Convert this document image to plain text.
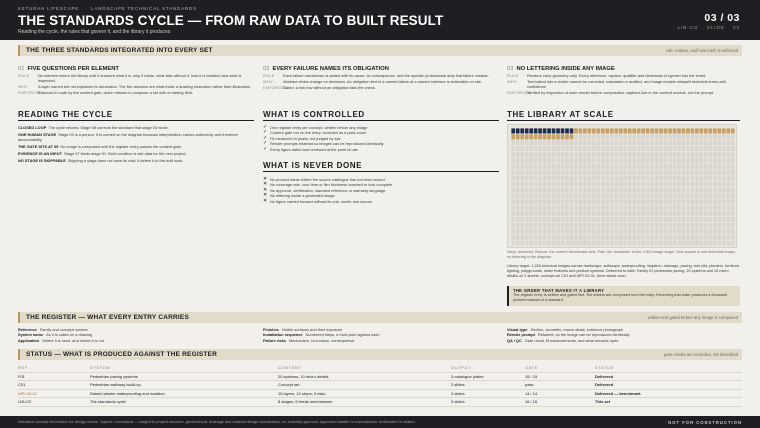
KETURAH LIFESCAPE	LANDSCAPE TECHNICAL STANDARDS
THE STANDARDS CYCLE — FROM RAW DATA TO BUILT RESULT
Reading the cycle, the rules that govern it, and the library it produces
03 / 03
LIB-CG SLIDE 03
THE THREE STANDARDS INTEGRATED INTO EVERY SET	rule, reason, and how each is enforced
01 FIVE QUESTIONS PER ELEMENT
RULE	No element enters the library until it answers what it is, why it exists, what fails without it, how it is installed and what is inspected.
WHY	A layer named but not explained is decoration. The five answers are what make a drawing instruction rather than illustration.
ENFORCED
Enforced in code by the content gate, which refuses to compose a set with a missing field.
02 EVERY FAILURE NAMES ITS OBLIGATION
RULE	Each failure mechanism is stated with its cause, its consequence, and the specific professional duty that failure creates.
WHY	Abstract ethics change no decisions. An obligation tied to a named failure at a named interface is actionable on site.
ENFORCED
Gated: a risk row without an obligation fails the check.
03 NO LETTERING INSIDE ANY IMAGE
RULE	Renders carry geometry only. Every reference, caption, qualifier and dimension is typeset into the sheet.
WHY	Text baked into a render cannot be corrected, translated or audited, and image models misspell technical terms with confidence.
ENFORCED
Verified by inspection of each render before composition; captions live in the content module, not the prompt.
READING THE CYCLE
CLOSED LOOP The cycle returns: Stage 08 corrects the standard that stage 03 wrote.
ONE HUMAN STAGE Stage 03 is a person. It is named on the diagram because interpretation carries authorship and therefore accountability.
THE GATE SITS AT 05 No image is composed until the register entry passes the content gate.
EVIDENCE IS AN INPUT Stage 07 feeds stage 01. Built condition is site data for the next project.
NO STAGE IS SKIPPABLE Skipping a stage does not save its cost; it defers it to the built work.
WHAT IS CONTROLLED
✓ One register entry per concept, written before any image
✓ Content gate run on the entry, recorded as a pass count
✓ Fit measured in pixels, not judged by eye
✓ Render prompts retained so images can be reproduced identically
✓ Every figure dated and reviewed at the point of use
WHAT IS NEVER DONE
✕ No product name where the source catalogue has not been issued
✕ No coverage rate, cure time or film thickness invented to look complete
✕ No approval, certification, standard reference or warranty language
✕ No lettering inside a generated image
✕ No figure carried forward without its unit, month and source
THE LIBRARY AT SCALE
Navy: delivered. Bronze: the current benchmark sets. Pale: the remainder of the 1,000-image target. One square is one technical image; no lettering in the diagram.
Library target: 1,000 technical images across hardscape, softscape, waterproofing, irrigation, drainage, paving, tree pits, planters, furniture, lighting, playgrounds, water features and podium systems. Delivered to date: Family 01 pedestrian paving, 20 systems and 10 micro details on 3 sheets; concept set C01 and WPI-03-01, three slides each.
THE ORDER THAT MAKES IT A LIBRARY
The register entry is written and gated first. The sheets are composed from the entry. Reversing that order produces a thousand pictures instead of a standard.
THE REGISTER — WHAT EVERY ENTRY CARRIES	written and gated before any image is composed
Reference Family and concept number
System name As it is called on a drawing
Application Where it is used, and where it is not
Finishes Visible surfaces and their exposure
Installation sequence Numbered steps, a hold point against each
Failure risks Mechanism, root cause, consequence
Visual type Section, isometric, macro detail, evidence photograph
Render prompt Retained, so the image can be reproduced identically
QA / QC Gate result, fit measurements, and what remains open
STATUS — WHAT IS PRODUCED AGAINST THE REGISTER	gate results are recorded, not described
REF	SYSTEM	CONTENT	OUTPUT	GATE	STATUS
F01	Pedestrian paving systems	20 systems, 10 micro details	3 catalogue plates	15 / 15	Delivered
C01	Pedestrian walkway build-up	Concept set	3 slides	pass	Delivered
WPI-03-01	Raised planter waterproofing and isolation	15 layers, 12 steps, 9 risks	3 slides	14 / 14	Delivered — benchmark
LIB-CG	The standards cycle	8 stages, 6 break mechanisms	3 slides	16 / 16	This set
Indicative concept information for design review. Typical / conceptual — subject to project structure, geotechnical, drainage and material design coordination, for authority approval, approved installer or manufacturer certification in related.	NOT FOR CONSTRUCTION
